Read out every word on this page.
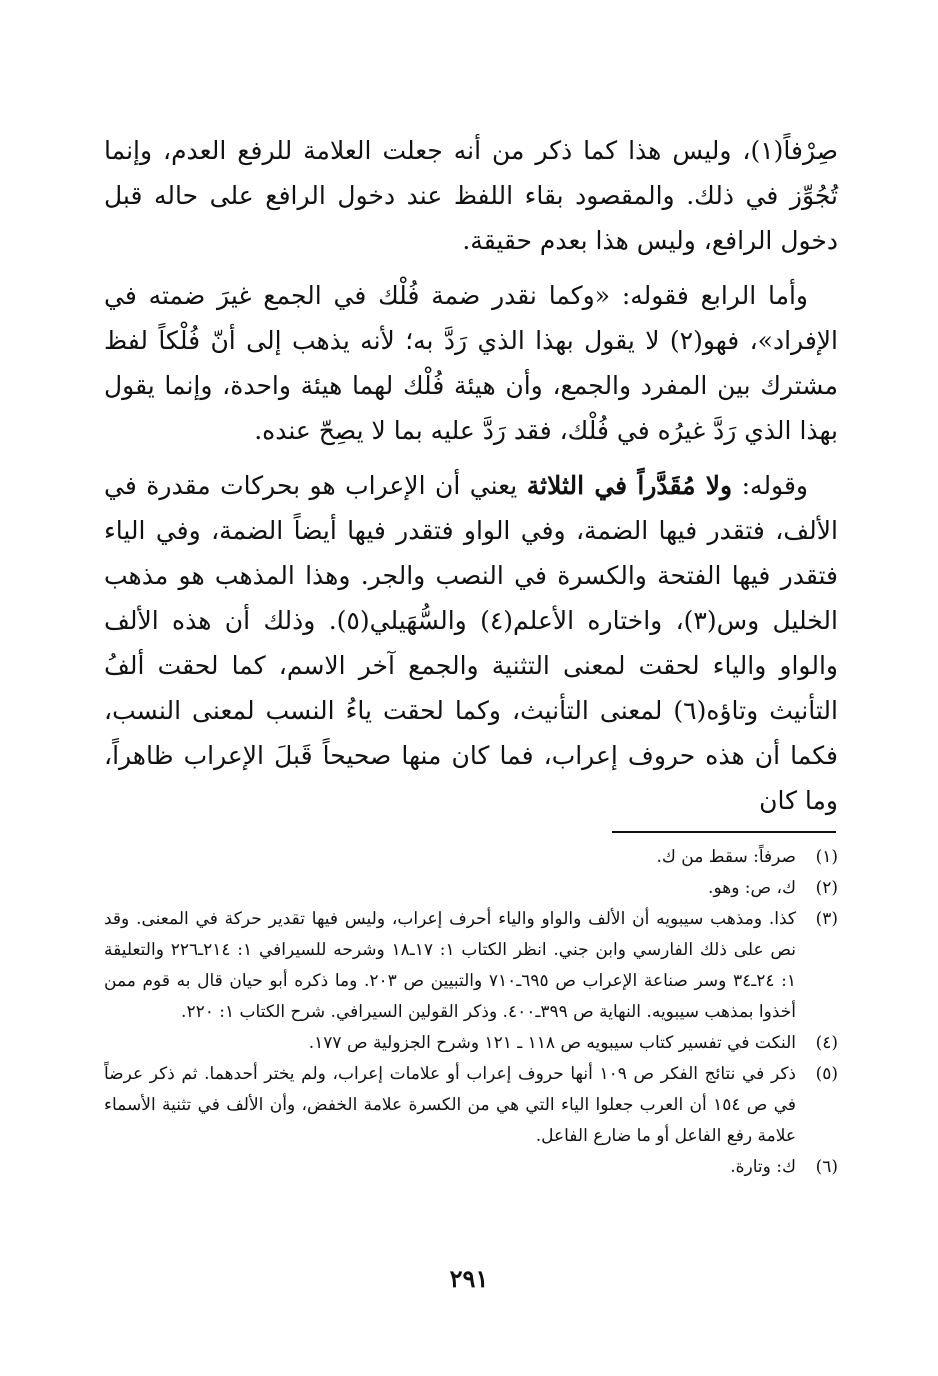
صِرْفاً(١)، وليس هذا كما ذكر من أنه جعلت العلامة للرفع العدم، وإنما تُجُوِّز في ذلك. والمقصود بقاء اللفظ عند دخول الرافع على حاله قبل دخول الرافع، وليس هذا بعدم حقيقة.

وأما الرابع فقوله: «وكما نقدر ضمة فُلْك في الجمع غيرَ ضمته في الإفراد»، فهو(٢) لا يقول بهذا الذي رَدَّ به؛ لأنه يذهب إلى أنّ فُلْكاً لفظ مشترك بين المفرد والجمع، وأن هيئة فُلْك لهما هيئة واحدة، وإنما يقول بهذا الذي رَدَّ غيرُه في فُلْك، فقد رَدَّ عليه بما لا يصِحّ عنده.

وقوله: ولا مُقَدَّراً في الثلاثة يعني أن الإعراب هو بحركات مقدرة في الألف، فتقدر فيها الضمة، وفي الواو فتقدر فيها أيضاً الضمة، وفي الياء فتقدر فيها الفتحة والكسرة في النصب والجر. وهذا المذهب هو مذهب الخليل وس(٣)، واختاره الأعلم(٤) والسُّهَيلي(٥). وذلك أن هذه الألف والواو والياء لحقت لمعنى التثنية والجمع آخر الاسم، كما لحقت ألفُ التأنيث وتاؤه(٦) لمعنى التأنيث، وكما لحقت ياءُ النسب لمعنى النسب، فكما أن هذه حروف إعراب، فما كان منها صحيحاً قَبلَ الإعراب ظاهراً، وما كان

(١)
صرفاً: سقط من ك.
(٢)
ك، ص: وهو.
(٣)
كذا. ومذهب سيبويه أن الألف والواو والياء أحرف إعراب، وليس فيها تقدير حركة في المعنى. وقد نص على ذلك الفارسي وابن جني. انظر الكتاب ١: ١٧ـ١٨ وشرحه للسيرافي ١: ٢١٤ـ٢٢٦ والتعليقة ١: ٢٤ـ٣٤ وسر صناعة الإعراب ص ٦٩٥ـ٧١٠ والتبيين ص ٢٠٣. وما ذكره أبو حيان قال به قوم ممن أخذوا بمذهب سيبويه. النهاية ص ٣٩٩ـ٤٠٠. وذكر القولين السيرافي. شرح الكتاب ١: ٢٢٠.
(٤)
النكت في تفسير كتاب سيبويه ص ١١٨ ـ ١٢١ وشرح الجزولية ص ١٧٧.
(٥)
ذكر في نتائج الفكر ص ١٠٩ أنها حروف إعراب أو علامات إعراب، ولم يختر أحدهما. ثم ذكر عرضاً في ص ١٥٤ أن العرب جعلوا الياء التي هي من الكسرة علامة الخفض، وأن الألف في تثنية الأسماء علامة رفع الفاعل أو ما ضارع الفاعل.
(٦)
ك: وتارة.
٢٩١
